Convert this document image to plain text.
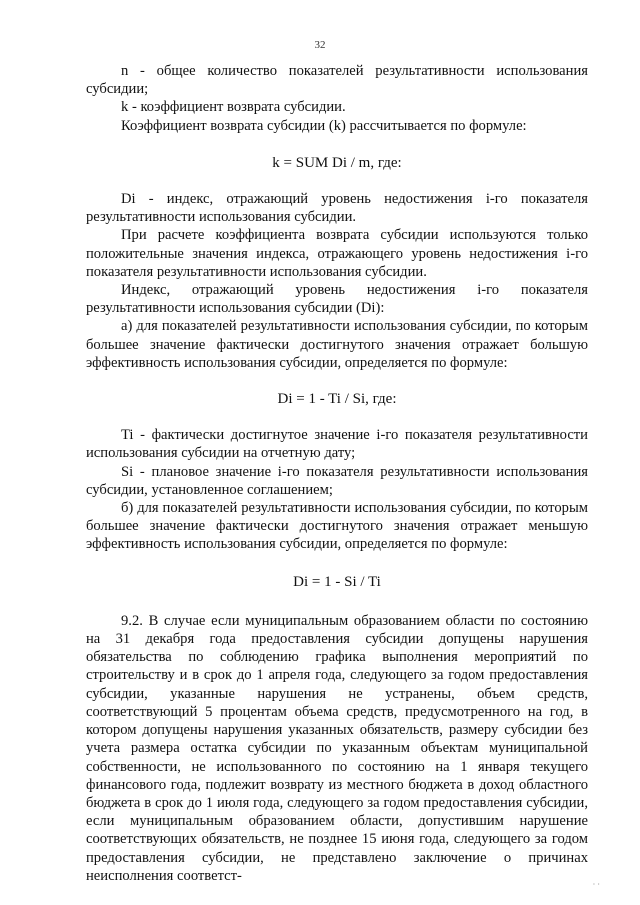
32

n - общее количество показателей результативности использования субсидии;

k - коэффициент возврата субсидии.

Коэффициент возврата субсидии (k) рассчитывается по формуле:

k = SUM Di / m, где:

Di - индекс, отражающий уровень недостижения i-го показателя результативности использования субсидии.

При расчете коэффициента возврата субсидии используются только положительные значения индекса, отражающего уровень недостижения i-го показателя результативности использования субсидии.

Индекс, отражающий уровень недостижения i-го показателя результативности использования субсидии (Di):

а) для показателей результативности использования субсидии, по которым большее значение фактически достигнутого значения отражает большую эффективность использования субсидии, определяется по формуле:

Di = 1 - Ti / Si, где:

Ti - фактически достигнутое значение i-го показателя результативности использования субсидии на отчетную дату;

Si - плановое значение i-го показателя результативности использования субсидии, установленное соглашением;

б) для показателей результативности использования субсидии, по которым большее значение фактически достигнутого значения отражает меньшую эффективность использования субсидии, определяется по формуле:

Di = 1 - Si / Ti

9.2. В случае если муниципальным образованием области по состоянию на 31 декабря года предоставления субсидии допущены нарушения обязательства по соблюдению графика выполнения мероприятий по строительству и в срок до 1 апреля года, следующего за годом предоставления субсидии, указанные нарушения не устранены, объем средств, соответствующий 5 процентам объема средств, предусмотренного на год, в котором допущены нарушения указанных обязательств, размеру субсидии без учета размера остатка субсидии по указанным объектам муниципальной собственности, не использованного по состоянию на 1 января текущего финансового года, подлежит возврату из местного бюджета в доход областного бюджета в срок до 1 июля года, следующего за годом предоставления субсидии, если муниципальным образованием области, допустившим нарушение соответствующих обязательств, не позднее 15 июня года, следующего за годом предоставления субсидии, не представлено заключение о причинах неисполнения соответст-

· ·
